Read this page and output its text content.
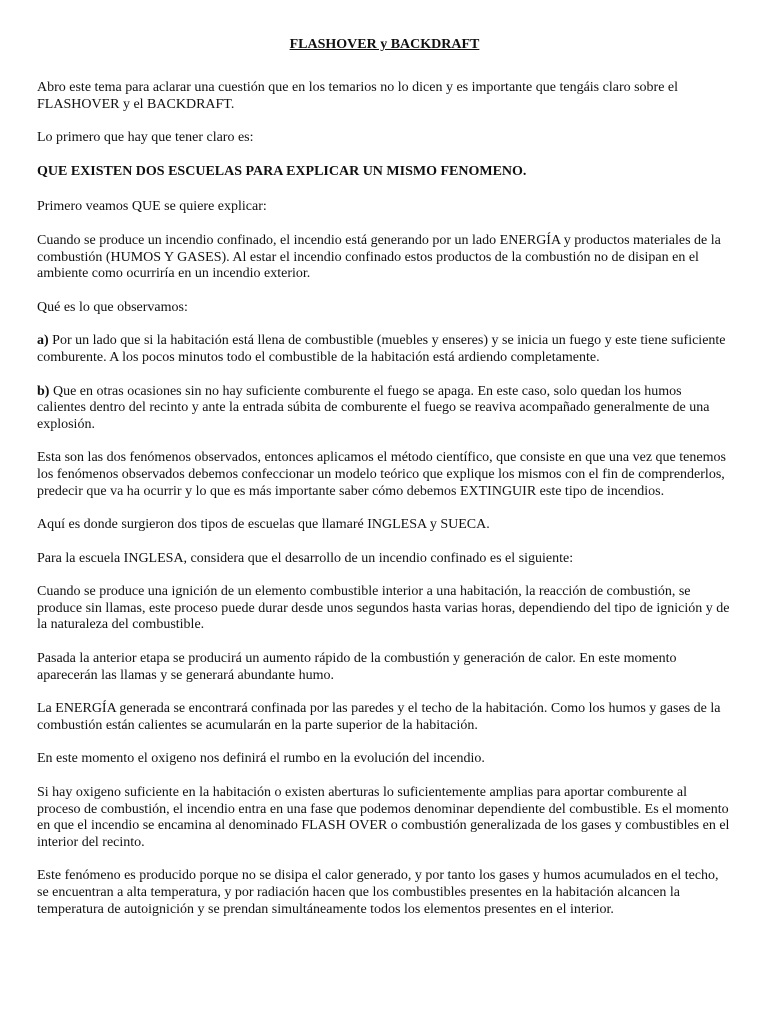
FLASHOVER y BACKDRAFT

Abro este tema para aclarar una cuestión que en los temarios no lo dicen y es importante que tengáis claro sobre el FLASHOVER y el BACKDRAFT.

Lo primero que hay que tener claro es:

QUE EXISTEN DOS ESCUELAS PARA EXPLICAR UN MISMO FENOMENO.

Primero veamos QUE se quiere explicar:

Cuando se produce un incendio confinado, el incendio está generando por un lado ENERGÍA y productos materiales de la combustión (HUMOS Y GASES). Al estar el incendio confinado estos productos de la combustión no de disipan en el ambiente como ocurriría en un incendio exterior.

Qué es lo que observamos:

a) Por un lado que si la habitación está llena de combustible (muebles y enseres) y se inicia un fuego y este tiene suficiente comburente. A los pocos minutos todo el combustible de la habitación está ardiendo completamente.

b) Que en otras ocasiones sin no hay suficiente comburente el fuego se apaga. En este caso, solo quedan los humos calientes dentro del recinto y ante la entrada súbita de comburente el fuego se reaviva acompañado generalmente de una explosión.

Esta son las dos fenómenos observados, entonces aplicamos el método científico, que consiste en que una vez que tenemos los fenómenos observados debemos confeccionar un modelo teórico que explique los mismos con el fin de comprenderlos, predecir que va ha ocurrir y lo que es más importante saber cómo debemos EXTINGUIR este tipo de incendios.

Aquí es donde surgieron dos tipos de escuelas que llamaré INGLESA y SUECA.

Para la escuela INGLESA, considera que el desarrollo de un incendio confinado es el siguiente:

Cuando se produce una ignición de un elemento combustible interior a una habitación, la reacción de combustión, se produce sin llamas, este proceso puede durar desde unos segundos hasta varias horas, dependiendo del tipo de ignición y de la naturaleza del combustible.

Pasada la anterior etapa se producirá un aumento rápido de la combustión y generación de calor. En este momento aparecerán las llamas y se generará abundante humo.

La ENERGÍA generada se encontrará confinada por las paredes y el techo de la habitación. Como los humos y gases de la combustión están calientes se acumularán en la parte superior de la habitación.

En este momento el oxigeno nos definirá el rumbo en la evolución del incendio.

Si hay oxigeno suficiente en la habitación o existen aberturas lo suficientemente amplias para aportar comburente al proceso de combustión, el incendio entra en una fase que podemos denominar dependiente del combustible. Es el momento en que el incendio se encamina al denominado FLASH OVER o combustión generalizada de los gases y combustibles en el interior del recinto.

Este fenómeno es producido porque no se disipa el calor generado, y por tanto los gases y humos acumulados en el techo, se encuentran a alta temperatura, y por radiación hacen que los combustibles presentes en la habitación alcancen la temperatura de autoignición y se prendan simultáneamente todos los elementos presentes en el interior.
